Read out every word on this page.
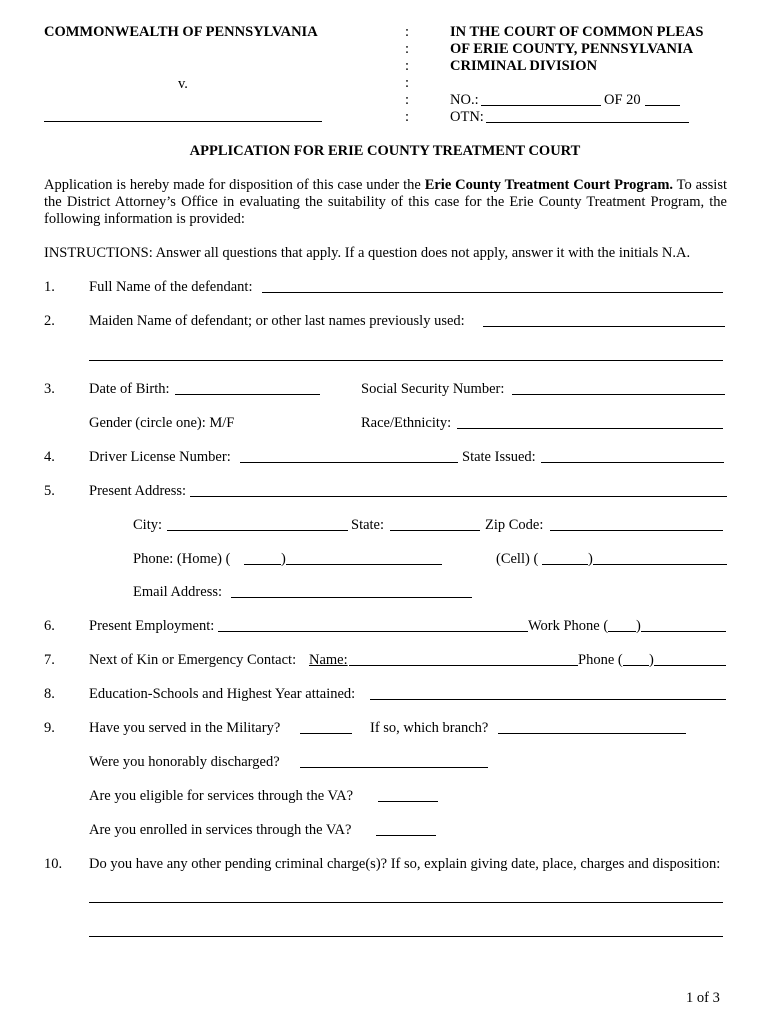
COMMONWEALTH OF PENNSYLVANIA
v.
:
:
:
:
:
:
IN THE COURT OF COMMON PLEAS
OF ERIE COUNTY, PENNSYLVANIA
CRIMINAL DIVISION
NO.:	OF 20
OTN:
APPLICATION FOR ERIE COUNTY TREATMENT COURT
Application is hereby made for disposition of this case under the Erie County Treatment Court Program. To assist the District Attorney’s Office in evaluating the suitability of this case for the Erie County Treatment Program, the following information is provided:
INSTRUCTIONS: Answer all questions that apply. If a question does not apply, answer it with the initials N.A.
1. Full Name of the defendant:
2. Maiden Name of defendant; or other last names previously used:
3. Date of Birth:	Social Security Number:
Gender (circle one): M/F	Race/Ethnicity:
4. Driver License Number:	State Issued:
5. Present Address:
City:	State:	Zip Code:
Phone: (Home) (	)	(Cell) (	)
Email Address:
6. Present Employment:	Work Phone ( )
7. Next of Kin or Emergency Contact: Name:	Phone ( )
8. Education-Schools and Highest Year attained:
9. Have you served in the Military?	If so, which branch?
Were you honorably discharged?
Are you eligible for services through the VA?
Are you enrolled in services through the VA?
10. Do you have any other pending criminal charge(s)? If so, explain giving date, place, charges and disposition:
1 of 3
